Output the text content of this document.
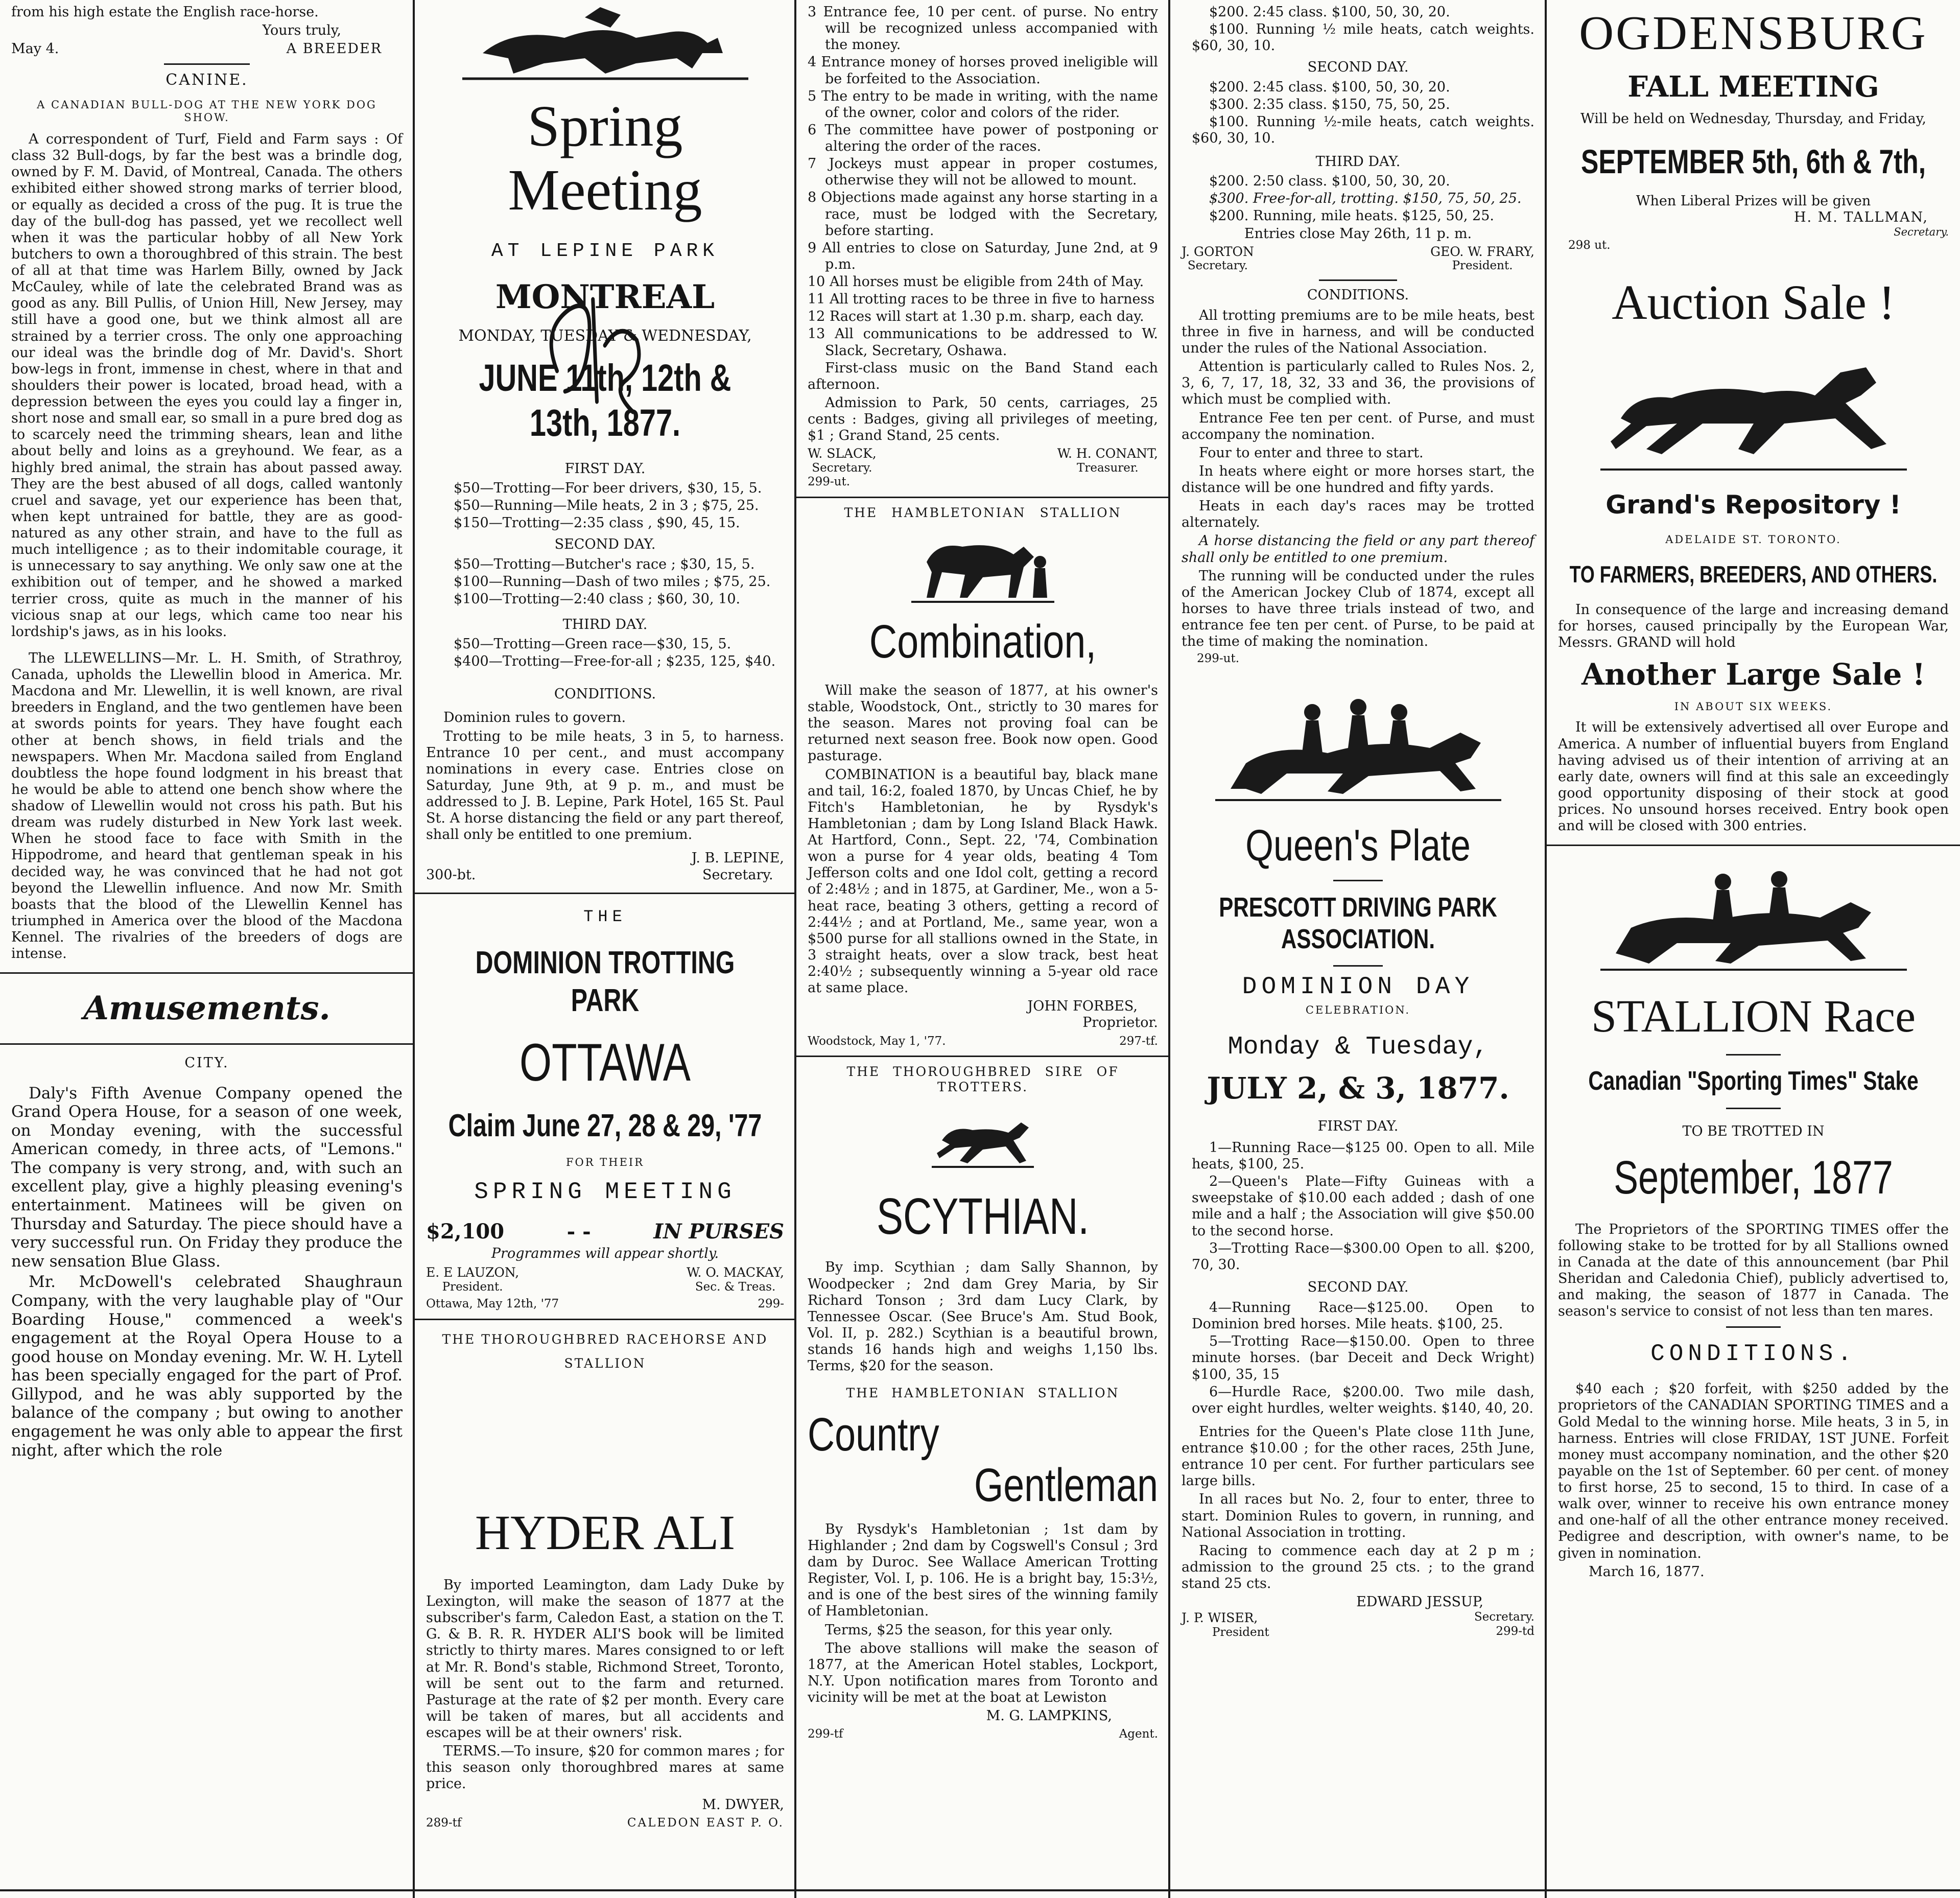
from his high estate the English race-horse.

Yours truly,

May 4.	A BREEDER
CANINE.
A CANADIAN BULL-DOG AT THE NEW YORK DOG SHOW.

A correspondent of Turf, Field and Farm says : Of class 32 Bull-dogs, by far the best was a brindle dog, owned by F. M. David, of Montreal, Canada. The others exhibited either showed strong marks of terrier blood, or equally as decided a cross of the pug. It is true the day of the bull-dog has passed, yet we recollect well when it was the particular hobby of all New York butchers to own a thoroughbred of this strain. The best of all at that time was Harlem Billy, owned by Jack McCauley, while of late the celebrated Brand was as good as any. Bill Pullis, of Union Hill, New Jersey, may still have a good one, but we think almost all are strained by a terrier cross. The only one approaching our ideal was the brindle dog of Mr. David's. Short bow-legs in front, immense in chest, where in that and shoulders their power is located, broad head, with a depression between the eyes you could lay a finger in, short nose and small ear, so small in a pure bred dog as to scarcely need the trimming shears, lean and lithe about belly and loins as a greyhound. We fear, as a highly bred animal, the strain has about passed away. They are the best abused of all dogs, called wantonly cruel and savage, yet our experience has been that, when kept untrained for battle, they are as good-natured as any other strain, and have to the full as much intelligence ; as to their indomitable courage, it is unnecessary to say anything. We only saw one at the exhibition out of temper, and he showed a marked terrier cross, quite as much in the manner of his vicious snap at our legs, which came too near his lordship's jaws, as in his looks.

The LLEWELLINS—Mr. L. H. Smith, of Strathroy, Canada, upholds the Llewellin blood in America. Mr. Macdona and Mr. Llewellin, it is well known, are rival breeders in England, and the two gentlemen have been at swords points for years. They have fought each other at bench shows, in field trials and the newspapers. When Mr. Macdona sailed from England doubtless the hope found lodgment in his breast that he would be able to attend one bench show where the shadow of Llewellin would not cross his path. But his dream was rudely disturbed in New York last week. When he stood face to face with Smith in the Hippodrome, and heard that gentleman speak in his decided way, he was convinced that he had not got beyond the Llewellin influence. And now Mr. Smith boasts that the blood of the Llewellin Kennel has triumphed in America over the blood of the Macdona Kennel. The rivalries of the breeders of dogs are intense.

Amusements.
CITY.

Daly's Fifth Avenue Company opened the Grand Opera House, for a season of one week, on Monday evening, with the successful American comedy, in three acts, of "Lemons." The company is very strong, and, with such an excellent play, give a highly pleasing evening's entertainment. Matinees will be given on Thursday and Saturday. The piece should have a very successful run. On Friday they produce the new sensation Blue Glass.

Mr. McDowell's celebrated Shaughraun Company, with the very laughable play of "Our Boarding House," commenced a week's engagement at the Royal Opera House to a good house on Monday evening. Mr. W. H. Lytell has been specially engaged for the part of Prof. Gillypod, and he was ably supported by the balance of the company ; but owing to another engagement he was only able to appear the first night, after which the role

Spring Meeting
AT LEPINE PARK
MONTREAL
MONDAY, TUESDAY & WEDNESDAY,
JUNE 11th, 12th & 13th, 1877.
FIRST DAY.

$50—Trotting—For beer drivers, $30, 15, 5.

$50—Running—Mile heats, 2 in 3 ; $75, 25.

$150—Trotting—2:35 class , $90, 45, 15.

SECOND DAY.

$50—Trotting—Butcher's race ; $30, 15, 5.

$100—Running—Dash of two miles ; $75, 25.

$100—Trotting—2:40 class ; $60, 30, 10.

THIRD DAY.

$50—Trotting—Green race—$30, 15, 5.

$400—Trotting—Free-for-all ; $235, 125, $40.

CONDITIONS.

Dominion rules to govern.

Trotting to be mile heats, 3 in 5, to harness. Entrance 10 per cent., and must accompany nominations in every case. Entries close on Saturday, June 9th, at 9 p. m., and must be addressed to J. B. Lepine, Park Hotel, 165 St. Paul St. A horse distancing the field or any part thereof, shall only be entitled to one premium.

300-bt.
J. B. LEPINE,
Secretary.
THE
DOMINION TROTTING PARK
OTTAWA
Claim June 27, 28 & 29, '77
FOR THEIR
SPRING MEETING
$2,100	- -	IN PURSES
Programmes will appear shortly.
E. E LAUZON,
President.
W. O. MACKAY,
Sec. & Treas.
Ottawa, May 12th, '77	299-
THE THOROUGHBRED RACEHORSE AND STALLION
HYDER ALI

By imported Leamington, dam Lady Duke by Lexington, will make the season of 1877 at the subscriber's farm, Caledon East, a station on the T. G. & B. R. R. HYDER ALI'S book will be limited strictly to thirty mares. Mares consigned to or left at Mr. R. Bond's stable, Richmond Street, Toronto, will be sent out to the farm and returned. Pasturage at the rate of $2 per month. Every care will be taken of mares, but all accidents and escapes will be at their owners' risk.

TERMS.—To insure, $20 for common mares ; for this season only thoroughbred mares at same price.

M. DWYER,
289-tf	CALEDON EAST P. O.
3 Entrance fee, 10 per cent. of purse. No entry will be recognized unless accompanied with the money.
4 Entrance money of horses proved ineligible will be forfeited to the Association.
5 The entry to be made in writing, with the name of the owner, color and colors of the rider.
6 The committee have power of postponing or altering the order of the races.
7 Jockeys must appear in proper costumes, otherwise they will not be allowed to mount.
8 Objections made against any horse starting in a race, must be lodged with the Secretary, before starting.
9 All entries to close on Saturday, June 2nd, at 9 p.m.
10 All horses must be eligible from 24th of May.
11 All trotting races to be three in five to harness
12 Races will start at 1.30 p.m. sharp, each day.
13 All communications to be addressed to W. Slack, Secretary, Oshawa.

First-class music on the Band Stand each afternoon.

Admission to Park, 50 cents, carriages, 25 cents : Badges, giving all privileges of meeting, $1 ; Grand Stand, 25 cents.

W. SLACK,
Secretary.
W. H. CONANT,
Treasurer.
299-ut.
THE HAMBLETONIAN STALLION
Combination,

Will make the season of 1877, at his owner's stable, Woodstock, Ont., strictly to 30 mares for the season. Mares not proving foal can be returned next season free. Book now open. Good pasturage.

COMBINATION is a beautiful bay, black mane and tail, 16:2, foaled 1870, by Uncas Chief, he by Fitch's Hambletonian, he by Rysdyk's Hambletonian ; dam by Long Island Black Hawk. At Hartford, Conn., Sept. 22, '74, Combination won a purse for 4 year olds, beating 4 Tom Jefferson colts and one Idol colt, getting a record of 2:48½ ; and in 1875, at Gardiner, Me., won a 5-heat race, beating 3 others, getting a record of 2:44½ ; and at Portland, Me., same year, won a $500 purse for all stallions owned in the State, in 3 straight heats, over a slow track, best heat 2:40½ ; subsequently winning a 5-year old race at same place.

JOHN FORBES,
Proprietor.
Woodstock, May 1, '77.	297-tf.
THE THOROUGHBRED SIRE OF TROTTERS.
SCYTHIAN.

By imp. Scythian ; dam Sally Shannon, by Woodpecker ; 2nd dam Grey Maria, by Sir Richard Tonson ; 3rd dam Lucy Clark, by Tennessee Oscar. (See Bruce's Am. Stud Book, Vol. II, p. 282.) Scythian is a beautiful brown, stands 16 hands high and weighs 1,150 lbs. Terms, $20 for the season.

THE HAMBLETONIAN STALLION
Country
Gentleman

By Rysdyk's Hambletonian ; 1st dam by Highlander ; 2nd dam by Cogswell's Consul ; 3rd dam by Duroc. See Wallace American Trotting Register, Vol. I, p. 106. He is a bright bay, 15:3½, and is one of the best sires of the winning family of Hambletonian.

Terms, $25 the season, for this year only.

The above stallions will make the season of 1877, at the American Hotel stables, Lockport, N.Y. Upon notification mares from Toronto and vicinity will be met at the boat at Lewiston

M. G. LAMPKINS,
299-tf	Agent.

$200. 2:45 class. $100, 50, 30, 20.

$100. Running ½ mile heats, catch weights. $60, 30, 10.

SECOND DAY.

$200. 2:45 class. $100, 50, 30, 20.

$300. 2:35 class. $150, 75, 50, 25.

$100. Running ½-mile heats, catch weights. $60, 30, 10.

THIRD DAY.

$200. 2:50 class. $100, 50, 30, 20.

$300. Free-for-all, trotting. $150, 75, 50, 25.

$200. Running, mile heats. $125, 50, 25.

Entries close May 26th, 11 p. m.

J. GORTON
Secretary.
GEO. W. FRARY,
President.
CONDITIONS.

All trotting premiums are to be mile heats, best three in five in harness, and will be conducted under the rules of the National Association.

Attention is particularly called to Rules Nos. 2, 3, 6, 7, 17, 18, 32, 33 and 36, the provisions of which must be complied with.

Entrance Fee ten per cent. of Purse, and must accompany the nomination.

Four to enter and three to start.

In heats where eight or more horses start, the distance will be one hundred and fifty yards.

Heats in each day's races may be trotted alternately.

A horse distancing the field or any part thereof shall only be entitled to one premium.

The running will be conducted under the rules of the American Jockey Club of 1874, except all horses to have three trials instead of two, and entrance fee ten per cent. of Purse, to be paid at the time of making the nomination.

299-ut.
Queen's Plate
PRESCOTT DRIVING PARK ASSOCIATION.
DOMINION DAY
CELEBRATION.
Monday & Tuesday,
JULY 2, & 3, 1877.
FIRST DAY.

1—Running Race—$125 00. Open to all. Mile heats, $100, 25.

2—Queen's Plate—Fifty Guineas with a sweepstake of $10.00 each added ; dash of one mile and a half ; the Association will give $50.00 to the second horse.

3—Trotting Race—$300.00 Open to all. $200, 70, 30.

SECOND DAY.

4—Running Race—$125.00. Open to Dominion bred horses. Mile heats. $100, 25.

5—Trotting Race—$150.00. Open to three minute horses. (bar Deceit and Deck Wright) $100, 35, 15

6—Hurdle Race, $200.00. Two mile dash, over eight hurdles, welter weights. $140, 40, 20.

Entries for the Queen's Plate close 11th June, entrance $10.00 ; for the other races, 25th June, entrance 10 per cent. For further particulars see large bills.

In all races but No. 2, four to enter, three to start. Dominion Rules to govern, in running, and National Association in trotting.

Racing to commence each day at 2 p m ; admission to the ground 25 cts. ; to the grand stand 25 cts.

EDWARD JESSUP,
J. P. WISER,
President
Secretary.
299-td
OGDENSBURG
FALL MEETING
Will be held on Wednesday, Thursday, and Friday,
SEPTEMBER 5th, 6th & 7th,
When Liberal Prizes will be given
H. M. TALLMAN,
Secretary.
298 ut.
Auction Sale !
Grand's Repository !
ADELAIDE ST. TORONTO.
TO FARMERS, BREEDERS, AND OTHERS.

In consequence of the large and increasing demand for horses, caused principally by the European War, Messrs. GRAND will hold

Another Large Sale !
IN ABOUT SIX WEEKS.

It will be extensively advertised all over Europe and America. A number of influential buyers from England having advised us of their intention of arriving at an early date, owners will find at this sale an exceedingly good opportunity disposing of their stock at good prices. No unsound horses received. Entry book open and will be closed with 300 entries.

STALLION Race
Canadian "Sporting Times" Stake
TO BE TROTTED IN
September, 1877

The Proprietors of the SPORTING TIMES offer the following stake to be trotted for by all Stallions owned in Canada at the date of this announcement (bar Phil Sheridan and Caledonia Chief), publicly advertised to, and making, the season of 1877 in Canada. The season's service to consist of not less than ten mares.

CONDITIONS.

$40 each ; $20 forfeit, with $250 added by the proprietors of the CANADIAN SPORTING TIMES and a Gold Medal to the winning horse. Mile heats, 3 in 5, in harness. Entries will close FRIDAY, 1ST JUNE. Forfeit money must accompany nomination, and the other $20 payable on the 1st of September. 60 per cent. of money to first horse, 25 to second, 15 to third. In case of a walk over, winner to receive his own entrance money and one-half of all the other entrance money received. Pedigree and description, with owner's name, to be given in nomination.

March 16, 1877.
